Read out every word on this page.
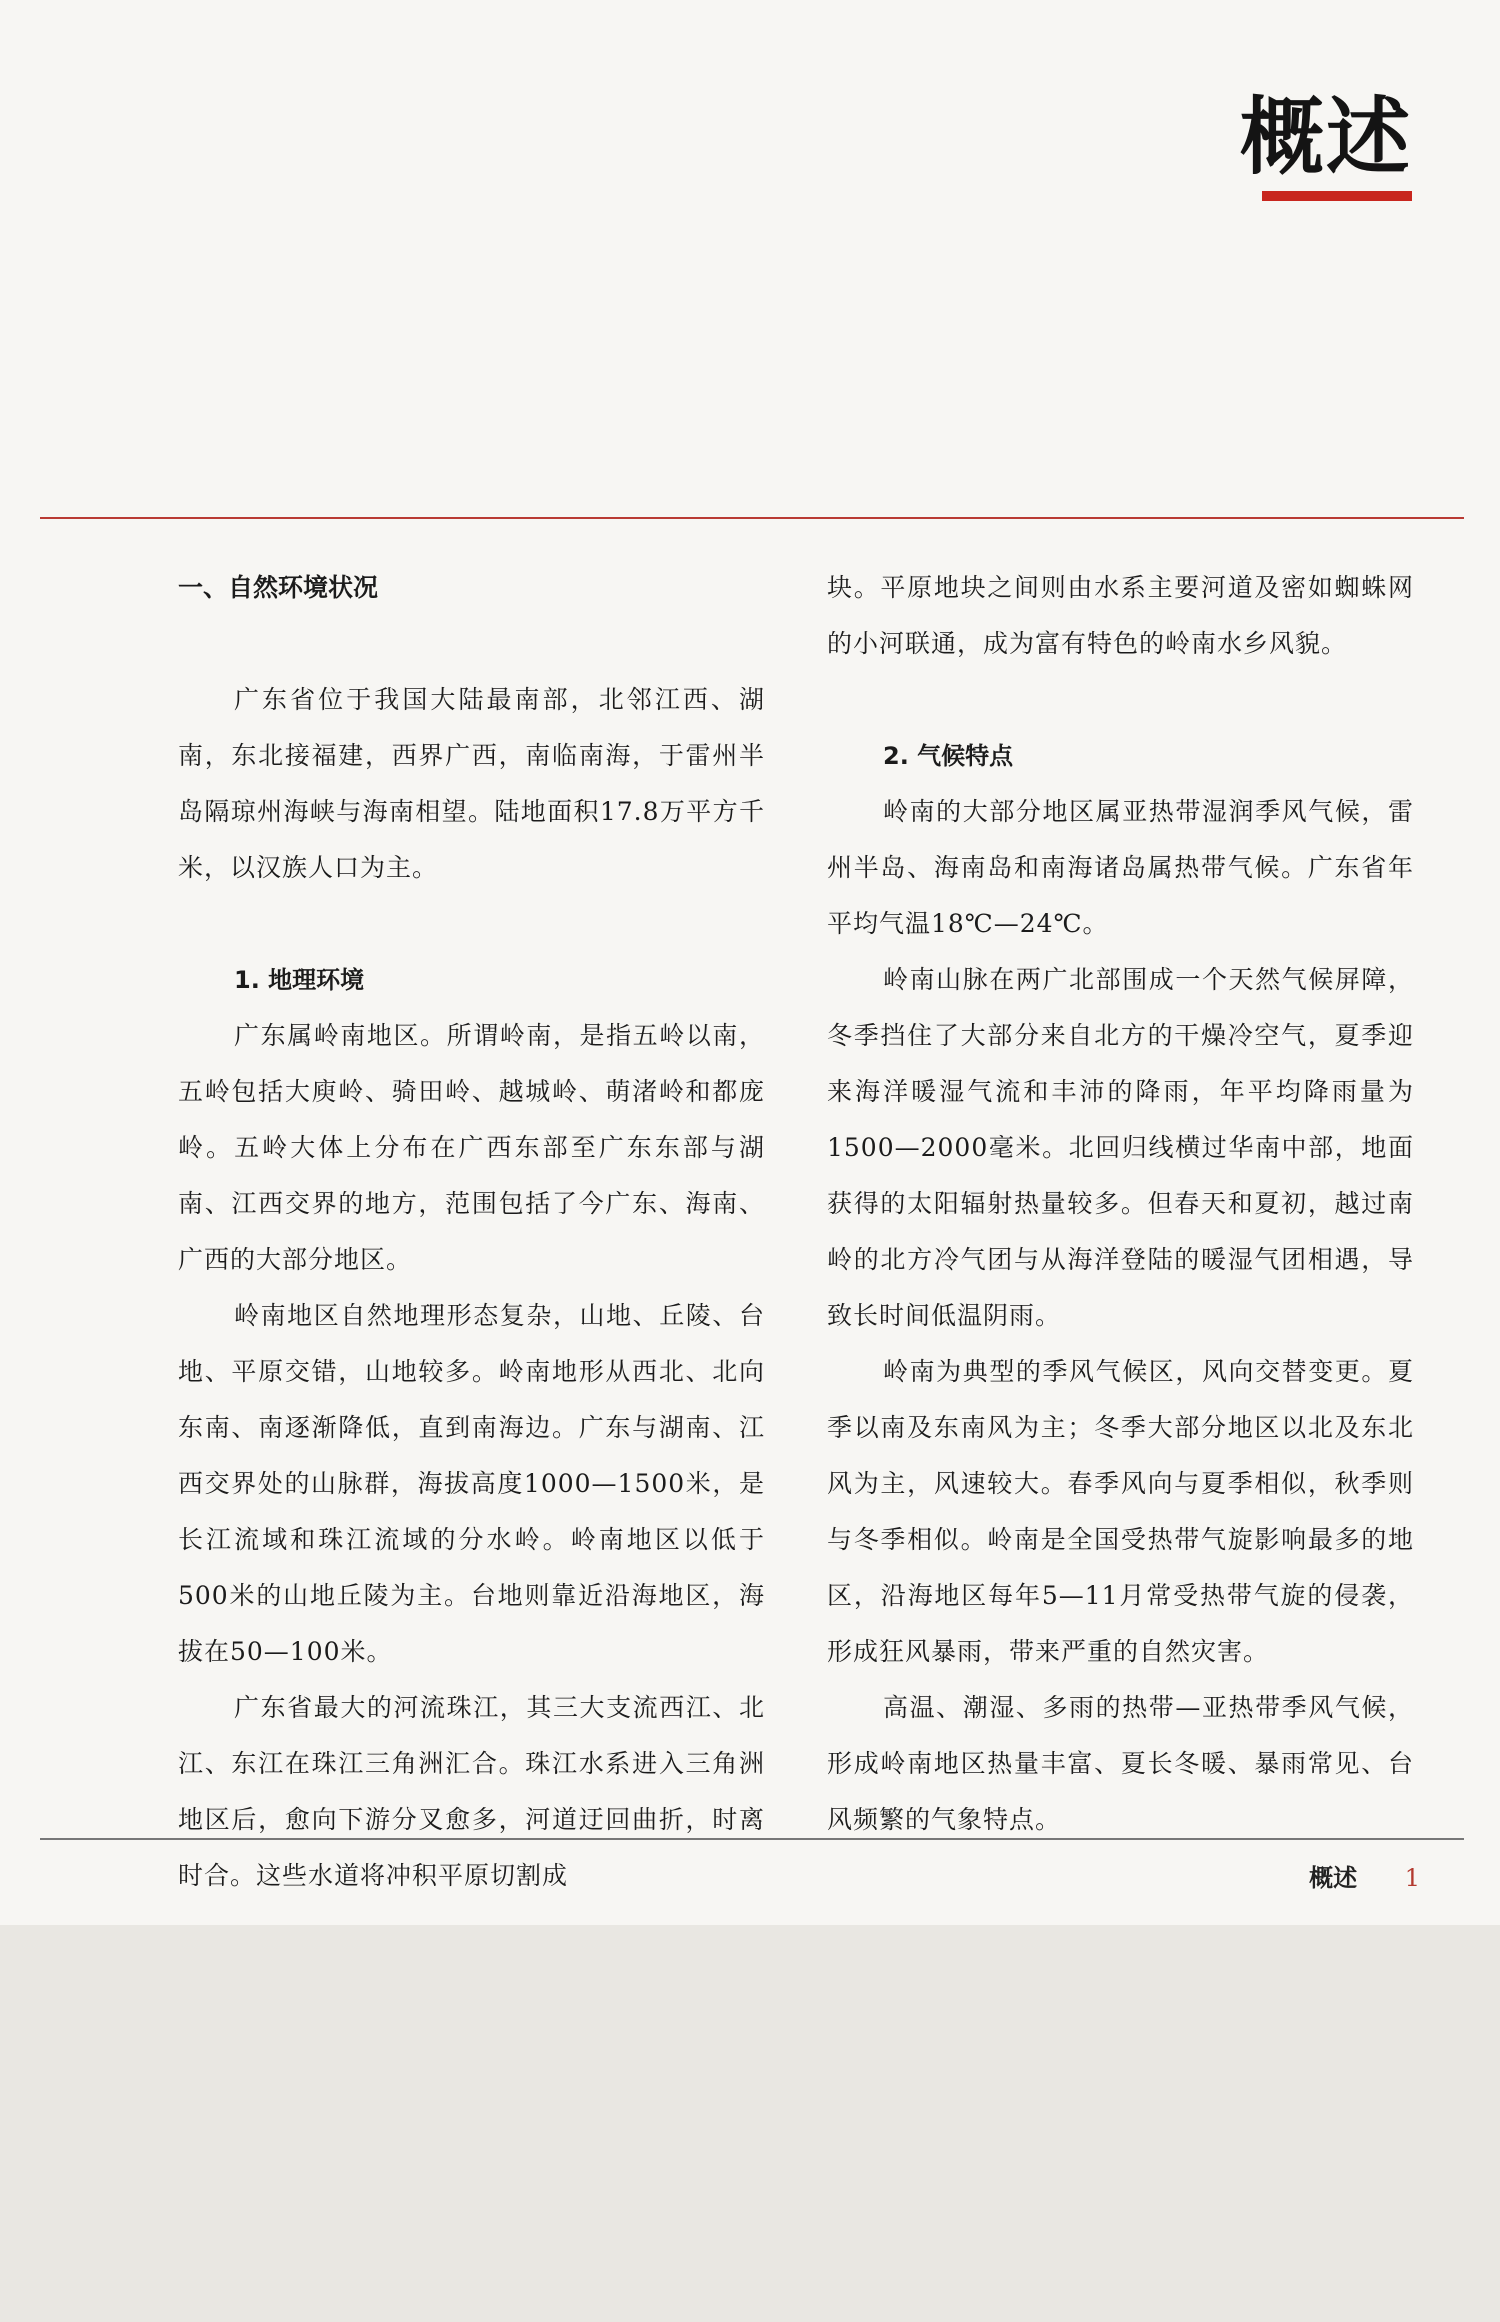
概述

一、自然环境状况

广东省位于我国大陆最南部，北邻江西、湖南，东北接福建，西界广西，南临南海，于雷州半岛隔琼州海峡与海南相望。陆地面积17.8万平方千米，以汉族人口为主。

1. 地理环境

广东属岭南地区。所谓岭南，是指五岭以南，五岭包括大庾岭、骑田岭、越城岭、萌渚岭和都庞岭。五岭大体上分布在广西东部至广东东部与湖南、江西交界的地方，范围包括了今广东、海南、广西的大部分地区。

岭南地区自然地理形态复杂，山地、丘陵、台地、平原交错，山地较多。岭南地形从西北、北向东南、南逐渐降低，直到南海边。广东与湖南、江西交界处的山脉群，海拔高度1000—1500米，是长江流域和珠江流域的分水岭。岭南地区以低于500米的山地丘陵为主。台地则靠近沿海地区，海拔在50—100米。

广东省最大的河流珠江，其三大支流西江、北江、东江在珠江三角洲汇合。珠江水系进入三角洲地区后，愈向下游分叉愈多，河道迂回曲折，时离时合。这些水道将冲积平原切割成

块。平原地块之间则由水系主要河道及密如蜘蛛网的小河联通，成为富有特色的岭南水乡风貌。

2. 气候特点

岭南的大部分地区属亚热带湿润季风气候，雷州半岛、海南岛和南海诸岛属热带气候。广东省年平均气温18℃—24℃。

岭南山脉在两广北部围成一个天然气候屏障，冬季挡住了大部分来自北方的干燥冷空气，夏季迎来海洋暖湿气流和丰沛的降雨，年平均降雨量为1500—2000毫米。北回归线横过华南中部，地面获得的太阳辐射热量较多。但春天和夏初，越过南岭的北方冷气团与从海洋登陆的暖湿气团相遇，导致长时间低温阴雨。

岭南为典型的季风气候区，风向交替变更。夏季以南及东南风为主；冬季大部分地区以北及东北风为主，风速较大。春季风向与夏季相似，秋季则与冬季相似。岭南是全国受热带气旋影响最多的地区，沿海地区每年5—11月常受热带气旋的侵袭，形成狂风暴雨，带来严重的自然灾害。

高温、潮湿、多雨的热带—亚热带季风气候，形成岭南地区热量丰富、夏长冬暖、暴雨常见、台风频繁的气象特点。

概述 1
